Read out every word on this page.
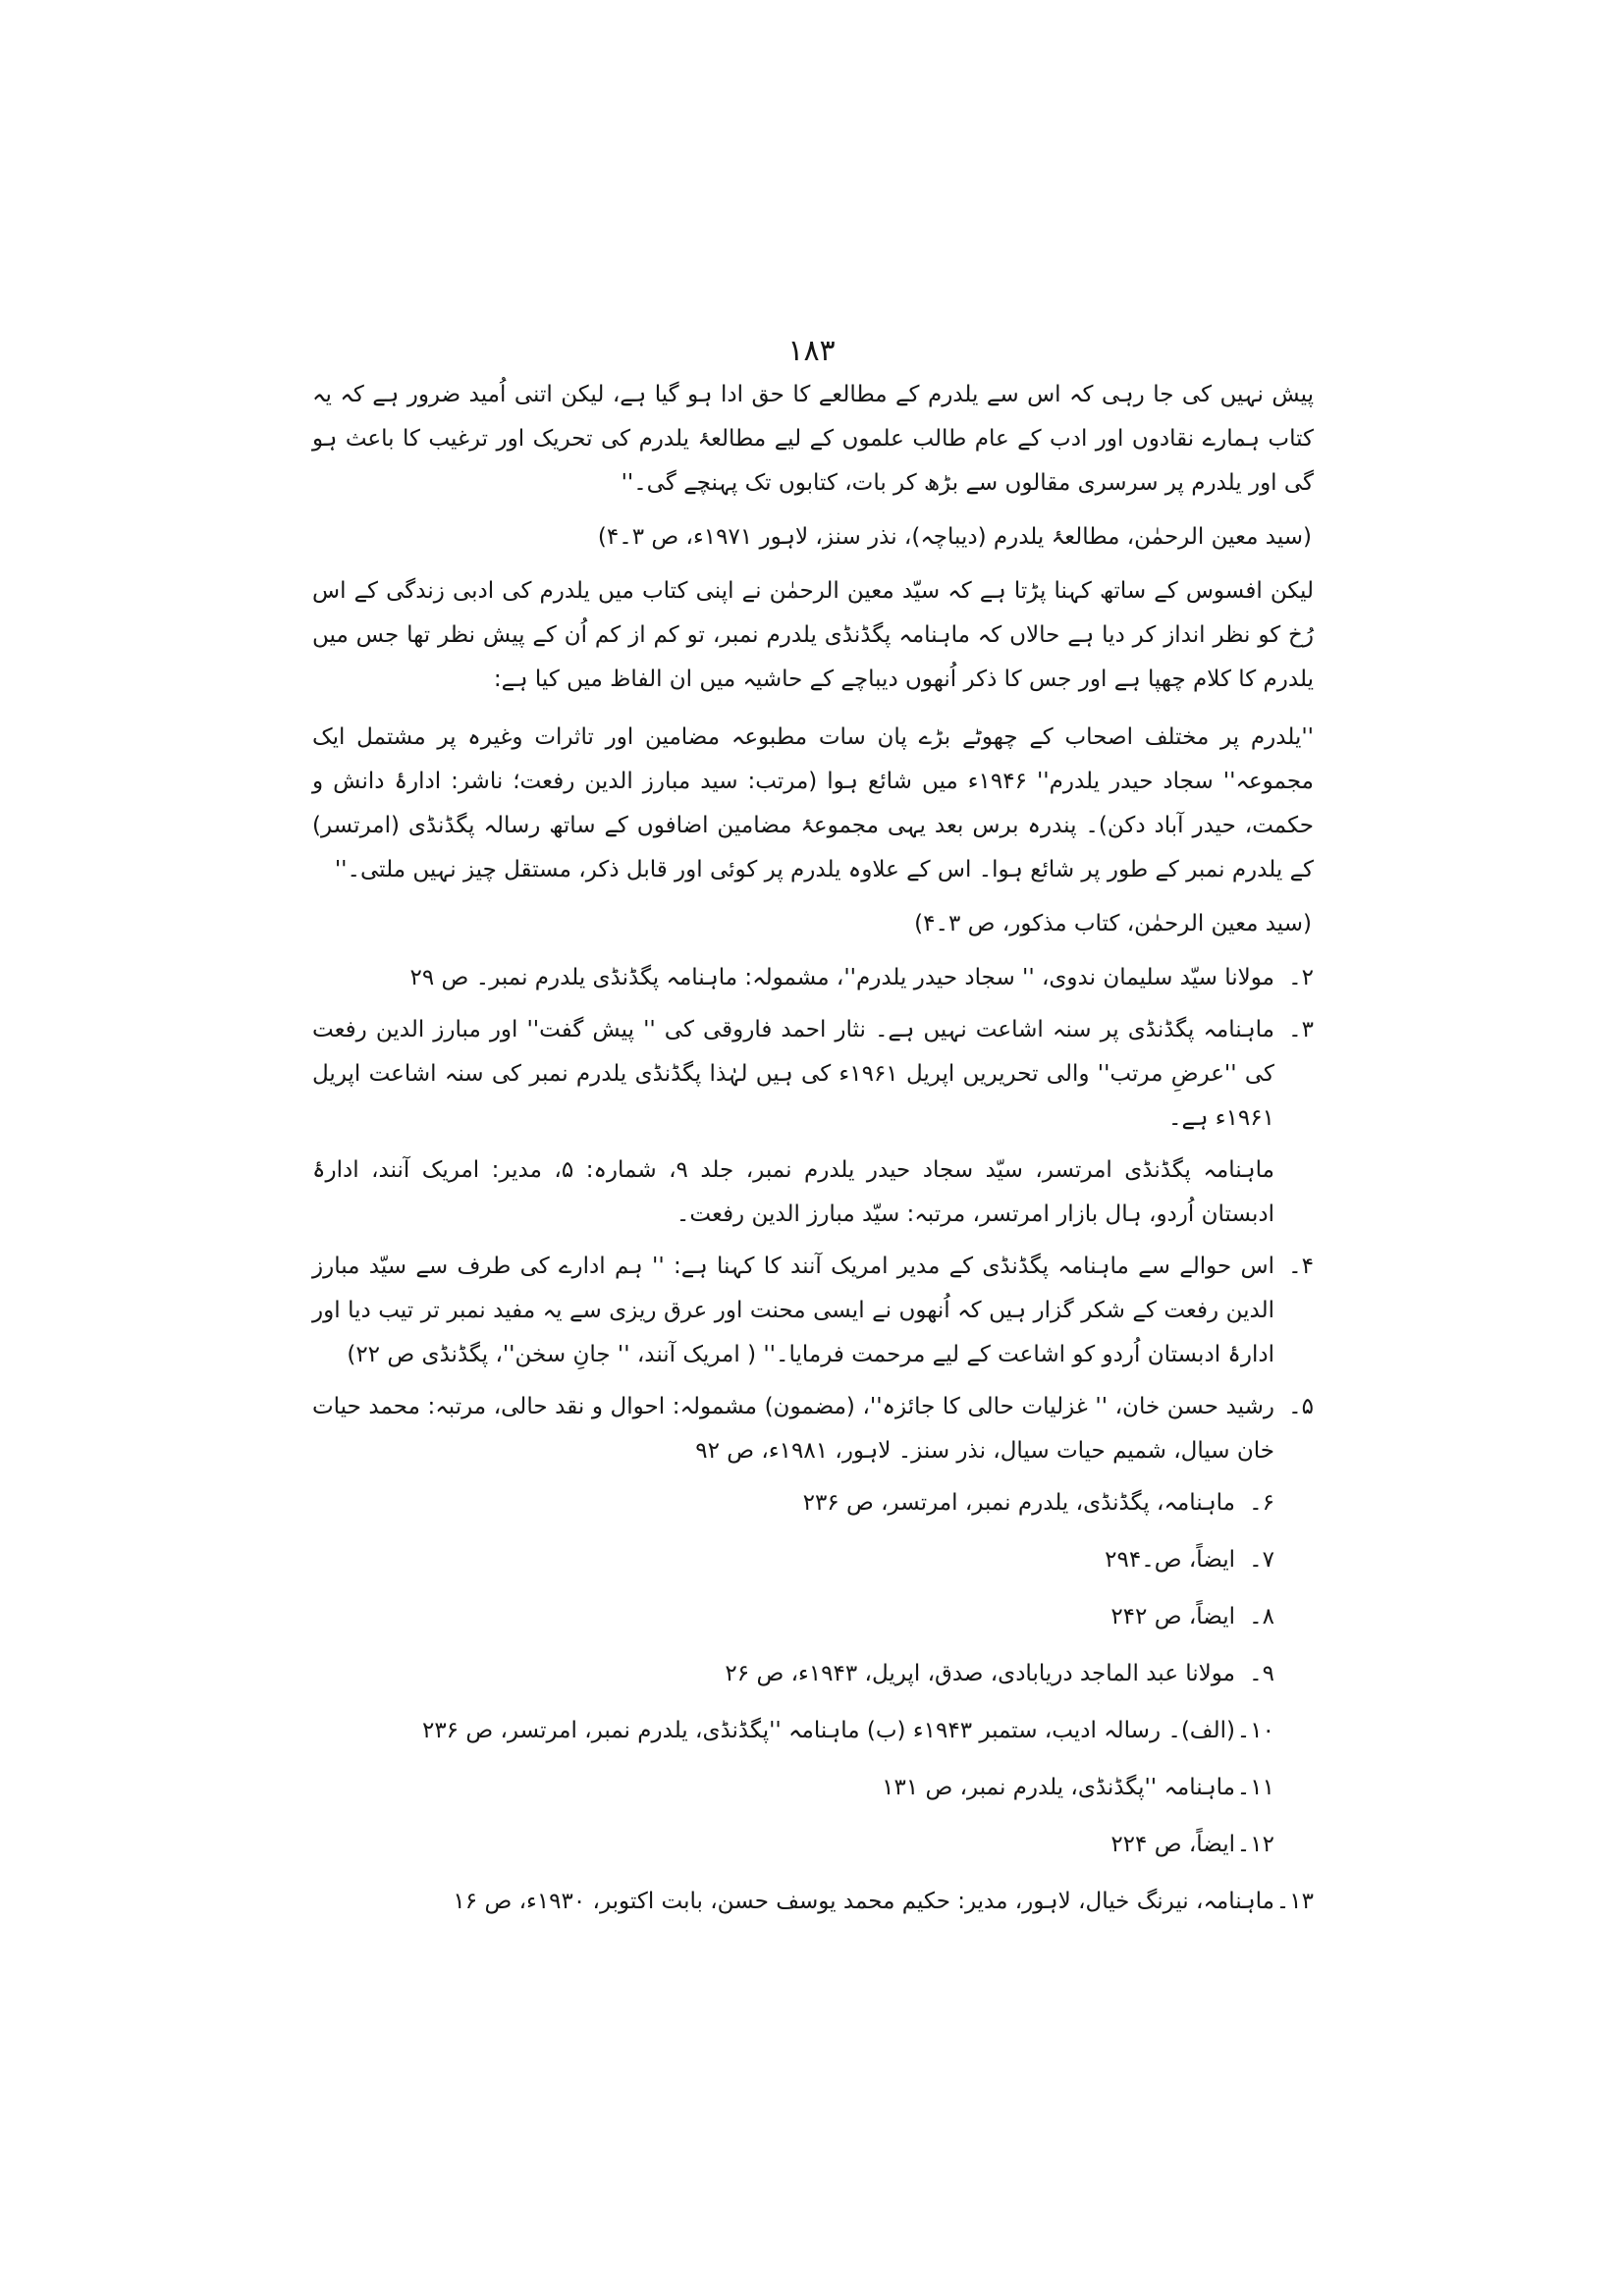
۱۸۳

پیش نہیں کی جا رہی کہ اس سے یلدرم کے مطالعے کا حق ادا ہو گیا ہے، لیکن اتنی اُمید ضرور ہے کہ یہ کتاب ہمارے نقادوں اور ادب کے عام طالب علموں کے لیے مطالعۂ یلدرم کی تحریک اور ترغیب کا باعث ہو گی اور یلدرم پر سرسری مقالوں سے بڑھ کر بات، کتابوں تک پہنچے گی۔''

(سید معین الرحمٰن، مطالعۂ یلدرم (دیباچہ)، نذر سنز، لاہور ۱۹۷۱ء، ص ۳۔۴)

لیکن افسوس کے ساتھ کہنا پڑتا ہے کہ سیّد معین الرحمٰن نے اپنی کتاب میں یلدرم کی ادبی زندگی کے اس رُخ کو نظر انداز کر دیا ہے حالاں کہ ماہنامہ پگڈنڈی یلدرم نمبر، تو کم از کم اُن کے پیش نظر تھا جس میں یلدرم کا کلام چھپا ہے اور جس کا ذکر اُنھوں دیباچے کے حاشیہ میں ان الفاظ میں کیا ہے:

''یلدرم پر مختلف اصحاب کے چھوٹے بڑے پان سات مطبوعہ مضامین اور تاثرات وغیرہ پر مشتمل ایک مجموعہ'' سجاد حیدر یلدرم'' ۱۹۴۶ء میں شائع ہوا (مرتب: سید مبارز الدین رفعت؛ ناشر: ادارۂ دانش و حکمت، حیدر آباد دکن)۔ پندرہ برس بعد یہی مجموعۂ مضامین اضافوں کے ساتھ رسالہ پگڈنڈی (امرتسر) کے یلدرم نمبر کے طور پر شائع ہوا۔ اس کے علاوہ یلدرم پر کوئی اور قابل ذکر، مستقل چیز نہیں ملتی۔''

(سید معین الرحمٰن، کتاب مذکور، ص ۳۔۴)

۲۔
مولانا سیّد سلیمان ندوی، '' سجاد حیدر یلدرم''، مشمولہ: ماہنامہ پگڈنڈی یلدرم نمبر۔ ص ۲۹
۳۔
ماہنامہ پگڈنڈی پر سنہ اشاعت نہیں ہے۔ نثار احمد فاروقی کی '' پیش گفت'' اور مبارز الدین رفعت کی ''عرضِ مرتب'' والی تحریریں اپریل ۱۹۶۱ء کی ہیں لہٰذا پگڈنڈی یلدرم نمبر کی سنہ اشاعت اپریل ۱۹۶۱ء ہے۔

ماہنامہ پگڈنڈی امرتسر، سیّد سجاد حیدر یلدرم نمبر، جلد ۹، شمارہ: ۵، مدیر: امریک آنند، ادارۂ ادبستان اُردو، ہال بازار امرتسر، مرتبہ: سیّد مبارز الدین رفعت۔

۴۔
اس حوالے سے ماہنامہ پگڈنڈی کے مدیر امریک آنند کا کہنا ہے: '' ہم ادارے کی طرف سے سیّد مبارز الدین رفعت کے شکر گزار ہیں کہ اُنھوں نے ایسی محنت اور عرق ریزی سے یہ مفید نمبر تر تیب دیا اور ادارۂ ادبستان اُردو کو اشاعت کے لیے مرحمت فرمایا۔'' ( امریک آنند، '' جانِ سخن''، پگڈنڈی ص ۲۲)
۵۔
رشید حسن خان، '' غزلیات حالی کا جائزہ''، (مضمون) مشمولہ: احوال و نقد حالی، مرتبہ: محمد حیات خان سیال، شمیم حیات سیال، نذر سنز۔ لاہور، ۱۹۸۱ء، ص ۹۲
۶۔
ماہنامہ، پگڈنڈی، یلدرم نمبر، امرتسر، ص ۲۳۶
۷۔
ایضاً، ص۔۲۹۴
۸۔
ایضاً، ص ۲۴۲
۹۔
مولانا عبد الماجد دریابادی، صدق، اپریل، ۱۹۴۳ء، ص ۲۶
۱۰۔
(الف)۔ رسالہ ادیب، ستمبر ۱۹۴۳ء (ب) ماہنامہ ''پگڈنڈی، یلدرم نمبر، امرتسر، ص ۲۳۶
۱۱۔
ماہنامہ ''پگڈنڈی، یلدرم نمبر، ص ۱۳۱
۱۲۔
ایضاً، ص ۲۲۴
۱۳۔
ماہنامہ، نیرنگ خیال، لاہور، مدیر: حکیم محمد یوسف حسن، بابت اکتوبر، ۱۹۳۰ء، ص ۱۶
